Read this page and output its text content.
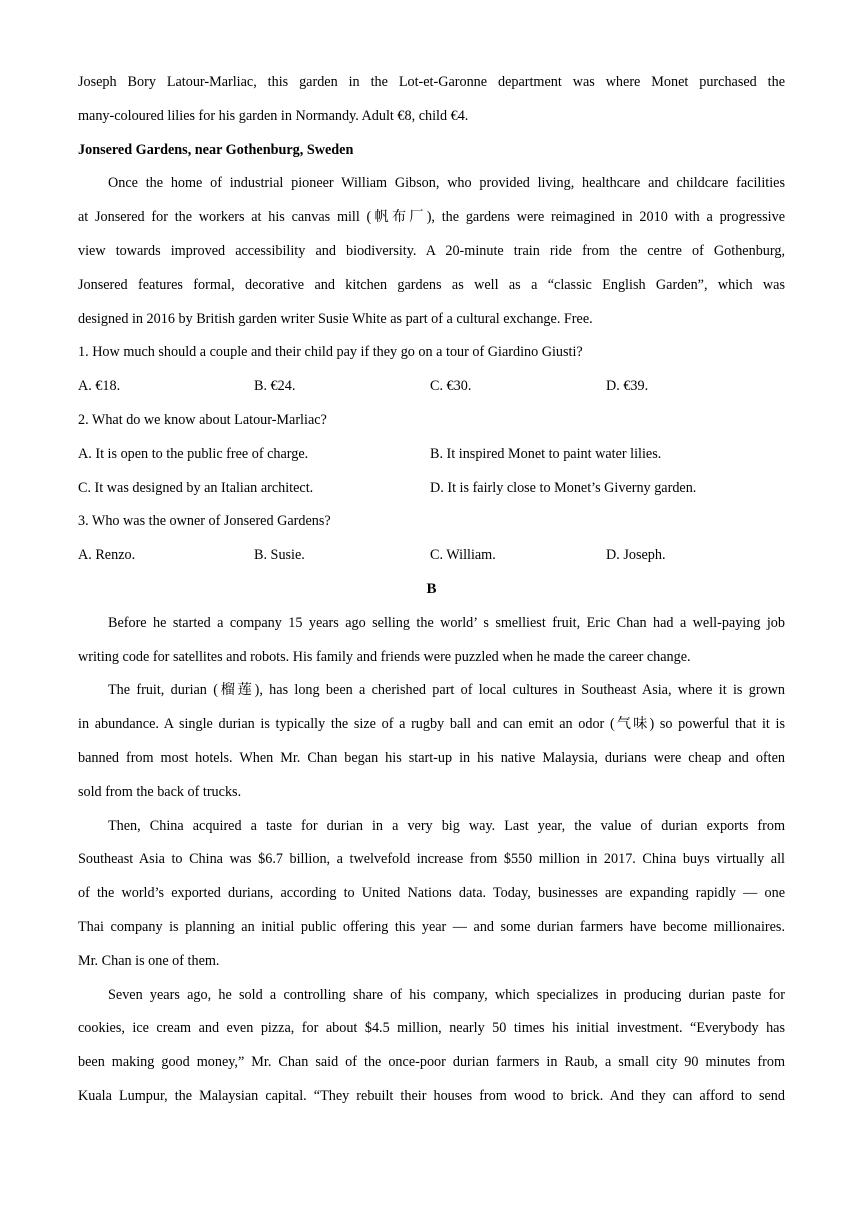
Joseph Bory Latour-Marliac, this garden in the Lot-et-Garonne department was where Monet purchased the
many-coloured lilies for his garden in Normandy. Adult €8, child €4.
Jonsered Gardens, near Gothenburg, Sweden
Once the home of industrial pioneer William Gibson, who provided living, healthcare and childcare facilities
at Jonsered for the workers at his canvas mill (帆布厂), the gardens were reimagined in 2010 with a progressive
view towards improved accessibility and biodiversity. A 20-minute train ride from the centre of Gothenburg,
Jonsered features formal, decorative and kitchen gardens as well as a “classic English Garden”, which was
designed in 2016 by British garden writer Susie White as part of a cultural exchange. Free.
1. How much should a couple and their child pay if they go on a tour of Giardino Giusti?
A. €18.	B. €24.	C. €30.	D. €39.
2. What do we know about Latour-Marliac?
A. It is open to the public free of charge.	B. It inspired Monet to paint water lilies.
C. It was designed by an Italian architect.	D. It is fairly close to Monet’s Giverny garden.
3. Who was the owner of Jonsered Gardens?
A. Renzo.	B. Susie.	C. William.	D. Joseph.
B
Before he started a company 15 years ago selling the world’ s smelliest fruit, Eric Chan had a well-paying job
writing code for satellites and robots. His family and friends were puzzled when he made the career change.
The fruit, durian (榴莲), has long been a cherished part of local cultures in Southeast Asia, where it is grown
in abundance. A single durian is typically the size of a rugby ball and can emit an odor (气味) so powerful that it is
banned from most hotels. When Mr. Chan began his start-up in his native Malaysia, durians were cheap and often
sold from the back of trucks.
Then, China acquired a taste for durian in a very big way. Last year, the value of durian exports from
Southeast Asia to China was $6.7 billion, a twelvefold increase from $550 million in 2017. China buys virtually all
of the world’s exported durians, according to United Nations data. Today, businesses are expanding rapidly — one
Thai company is planning an initial public offering this year — and some durian farmers have become millionaires.
Mr. Chan is one of them.
Seven years ago, he sold a controlling share of his company, which specializes in producing durian paste for
cookies, ice cream and even pizza, for about $4.5 million, nearly 50 times his initial investment. “Everybody has
been making good money,” Mr. Chan said of the once-poor durian farmers in Raub, a small city 90 minutes from
Kuala Lumpur, the Malaysian capital. “They rebuilt their houses from wood to brick. And they can afford to send
